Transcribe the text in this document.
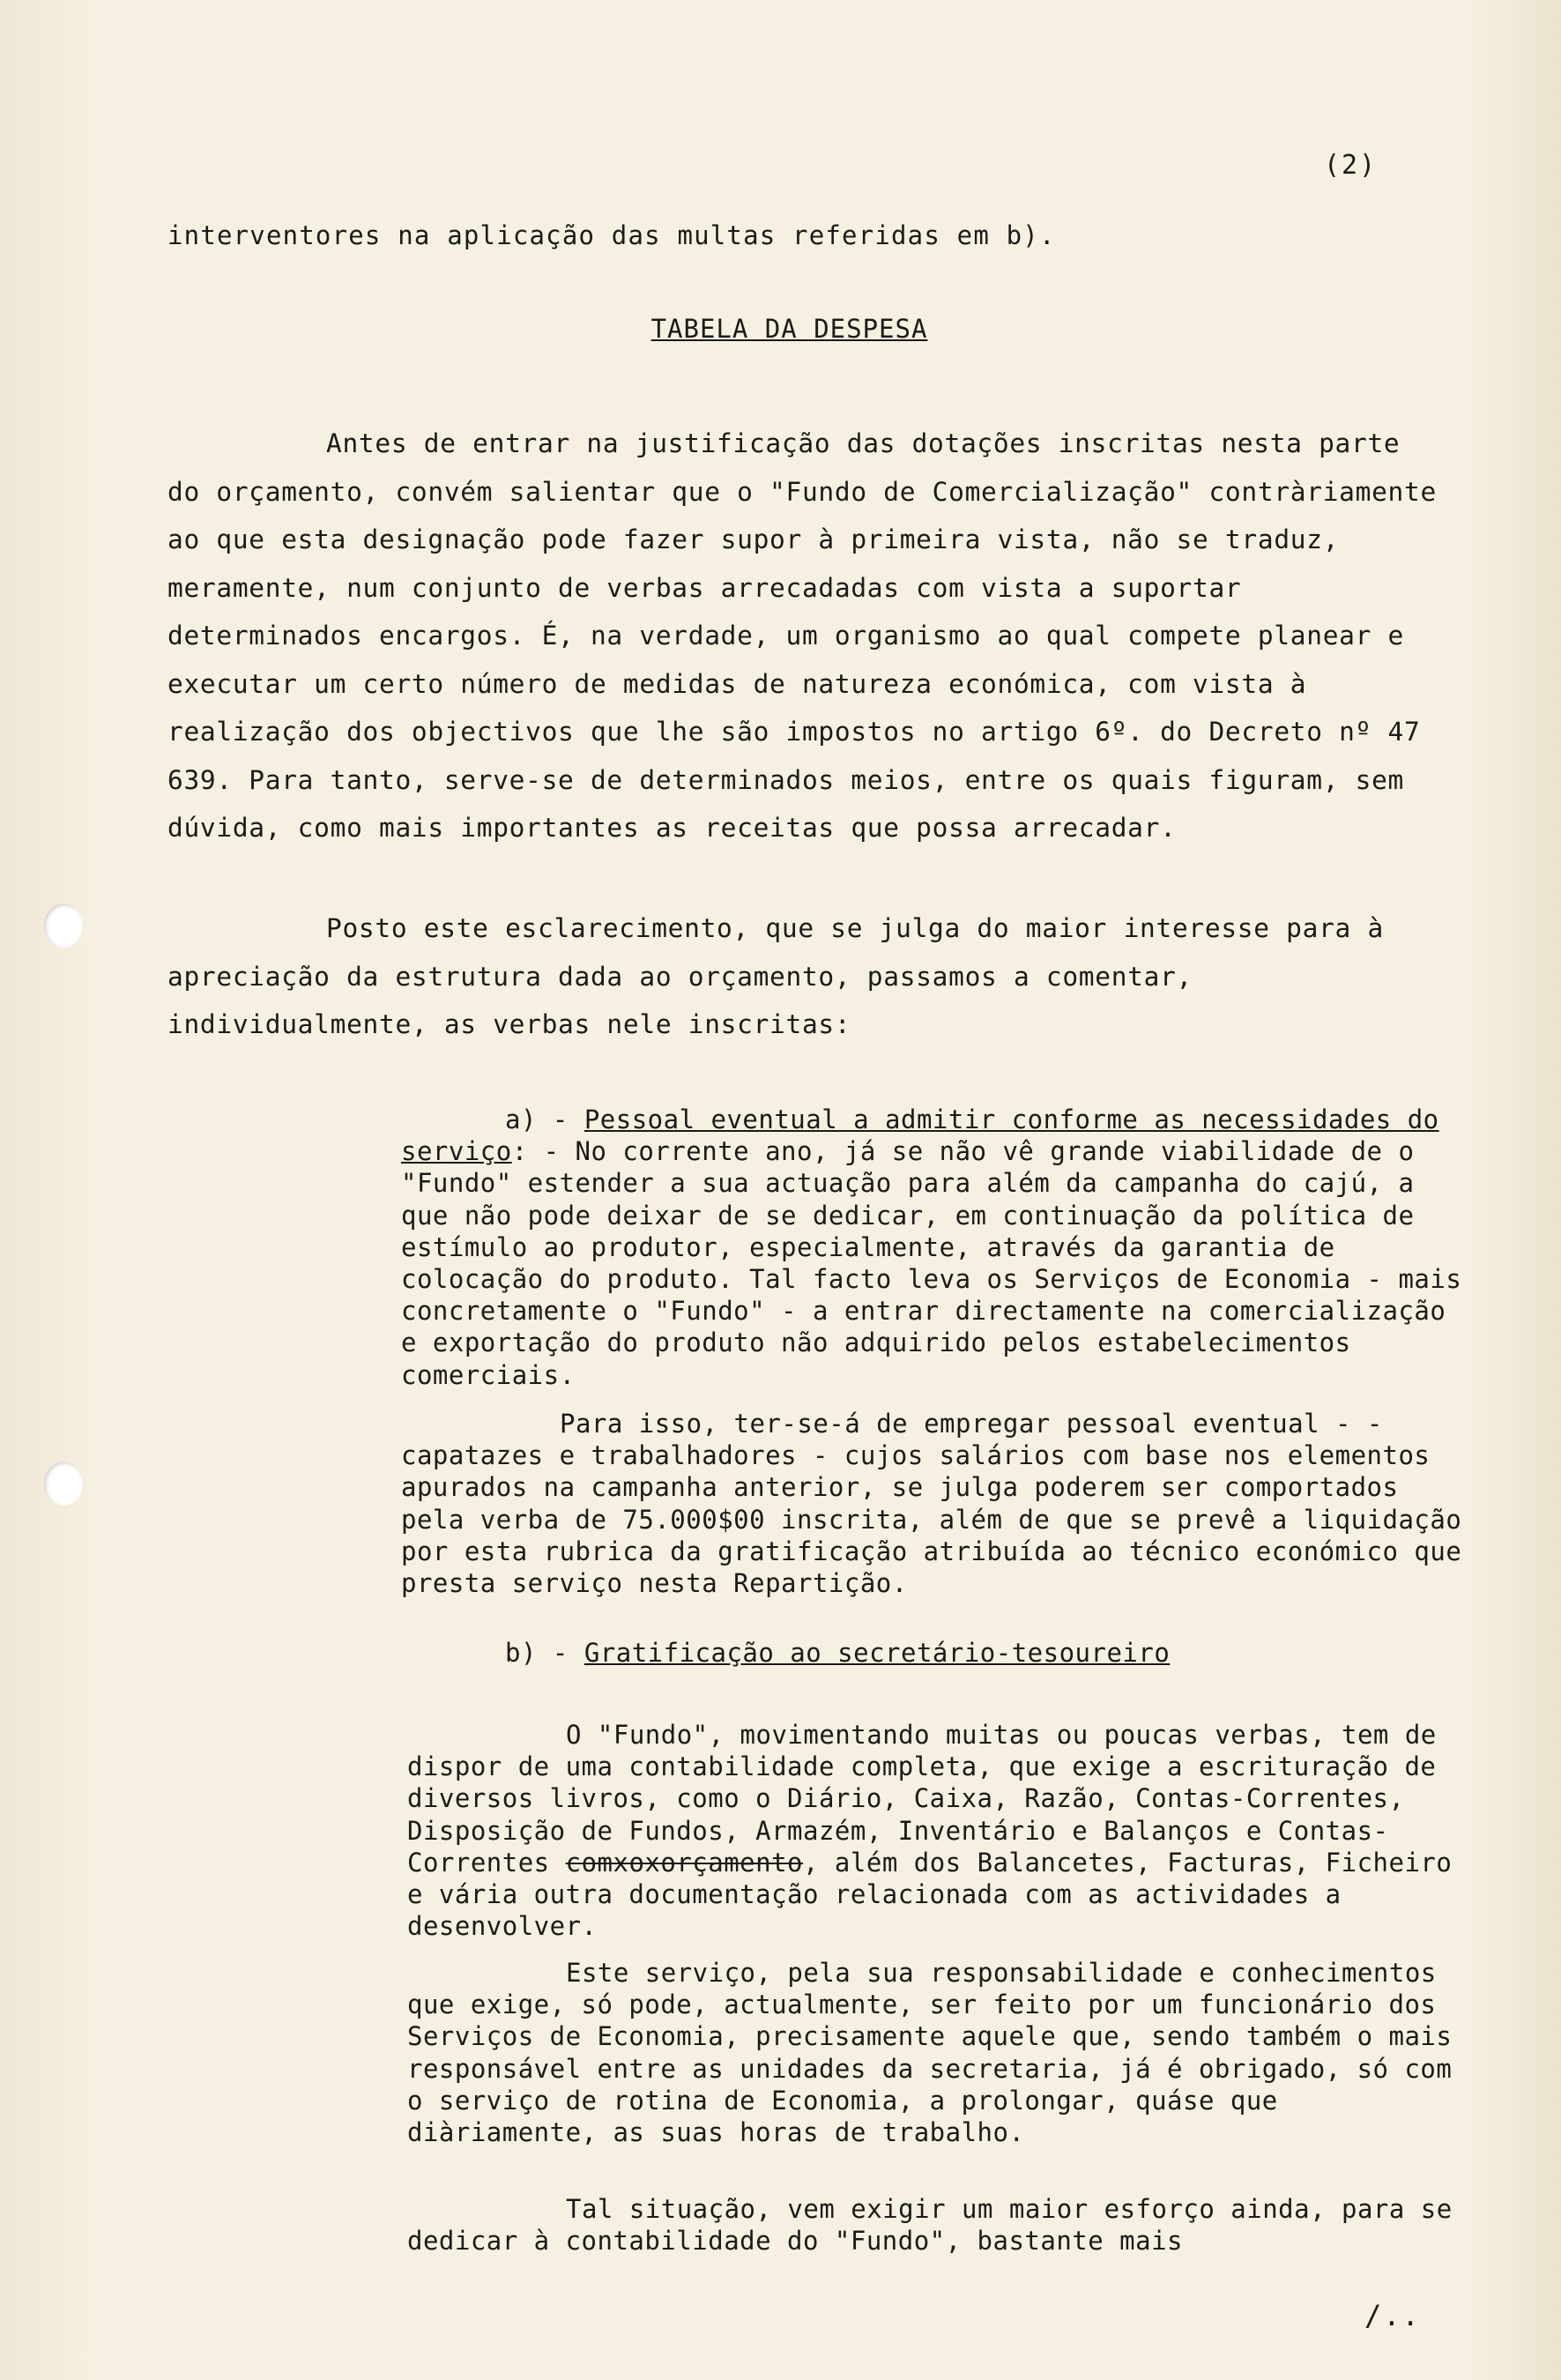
(2)
interventores na aplicação das multas referidas em b).
TABELA DA DESPESA

Antes de entrar na justificação das dotações inscritas nesta parte do orçamento, convém salientar que o "Fundo de Comercialização" contràriamente ao que esta designação pode fazer supor à primeira vista, não se traduz, meramente, num conjunto de verbas arrecadadas com vista a suportar determinados encargos. É, na verdade, um organismo ao qual compete planear e executar um certo número de medidas de natureza económica, com vista à realização dos objectivos que lhe são impostos no artigo 6º. do Decreto nº 47 639. Para tanto, serve-se de determinados meios, entre os quais figuram, sem dúvida, como mais importantes as receitas que possa arrecadar.

Posto este esclarecimento, que se julga do maior interesse para à apreciação da estrutura dada ao orçamento, passamos a comentar, individualmente, as verbas nele inscritas:

a) - Pessoal eventual a admitir conforme as necessidades do serviço: - No corrente ano, já se não vê grande viabilidade de o "Fundo" estender a sua actuação para além da campanha do cajú, a que não pode deixar de se dedicar, em continuação da política de estímulo ao produtor, especialmente, através da garantia de colocação do produto. Tal facto leva os Serviços de Economia - mais concretamente o "Fundo" - a entrar directamente na comercialização e exportação do produto não adquirido pelos estabelecimentos comerciais.

Para isso, ter-se-á de empregar pessoal eventual - - capatazes e trabalhadores - cujos salários com base nos elementos apurados na campanha anterior, se julga poderem ser comportados pela verba de 75.000$00 inscrita, além de que se prevê a liquidação por esta rubrica da gratificação atribuída ao técnico económico que presta serviço nesta Repartição.

b) - Gratificação ao secretário-tesoureiro

O "Fundo", movimentando muitas ou poucas verbas, tem de dispor de uma contabilidade completa, que exige a escrituração de diversos livros, como o Diário, Caixa, Razão, Contas-Correntes, Disposição de Fundos, Armazém, Inventário e Balanços e Contas-Correntes comxoxorçamento, além dos Balancetes, Facturas, Ficheiro e vária outra documentação relacionada com as actividades a desenvolver.

Este serviço, pela sua responsabilidade e conhecimentos que exige, só pode, actualmente, ser feito por um funcionário dos Serviços de Economia, precisamente aquele que, sendo também o mais responsável entre as unidades da secretaria, já é obrigado, só com o serviço de rotina de Economia, a prolongar, quáse que diàriamente, as suas horas de trabalho.

Tal situação, vem exigir um maior esforço ainda, para se dedicar à contabilidade do "Fundo", bastante mais

/..
